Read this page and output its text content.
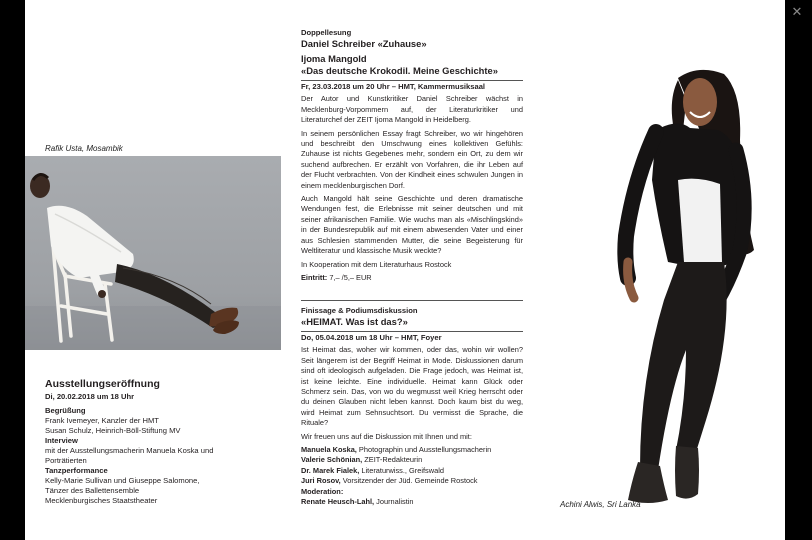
Rafik Usta, Mosambik
Ausstellungseröffnung
Di, 20.02.2018 um 18 Uhr
Begrüßung
Frank Ivemeyer, Kanzler der HMT
Susan Schulz, Heinrich-Böll-Stiftung MV
Interview
mit der Ausstellungsmacherin Manuela Koska und
Porträtierten
Tanzperformance
Kelly-Marie Sullivan und Giuseppe Salomone,
Tänzer des Ballettensemble
Mecklenburgisches Staatstheater
Doppellesung
Daniel Schreiber «Zuhause»
Ijoma Mangold
«Das deutsche Krokodil. Meine Geschichte»
Fr, 23.03.2018 um 20 Uhr – HMT, Kammermusiksaal

Der Autor und Kunstkritiker Daniel Schreiber wächst in Mecklenburg-Vorpommern auf, der Literaturkritiker und Literaturchef der ZEIT Ijoma Mangold in Heidelberg.

In seinem persönlichen Essay fragt Schreiber, wo wir hingehören und beschreibt den Umschwung eines kollektiven Gefühls: Zuhause ist nichts Gegebenes mehr, sondern ein Ort, zu dem wir suchend aufbrechen. Er erzählt von Vorfahren, die ihr Leben auf der Flucht verbrachten. Von der Kindheit eines schwulen Jungen in einem mecklenburgischen Dorf.

Auch Mangold hält seine Geschichte und deren dramatische Wendungen fest, die Erlebnisse mit seiner deutschen und mit seiner afrikanischen Familie. Wie wuchs man als «Mischlingskind» in der Bundesrepublik auf mit einem abwesenden Vater und einer aus Schlesien stammenden Mutter, die seine Begeisterung für Weltliteratur und klassische Musik weckte?

In Kooperation mit dem Literaturhaus Rostock

Eintritt: 7,– /5,– EUR

Finissage & Podiumsdiskussion
«HEIMAT. Was ist das?»
Do, 05.04.2018 um 18 Uhr – HMT, Foyer

Ist Heimat das, woher wir kommen, oder das, wohin wir wollen? Seit längerem ist der Begriff Heimat in Mode. Diskussionen darum sind oft ideologisch aufgeladen. Die Frage jedoch, was Heimat ist, ist keine leichte. Eine individuelle. Heimat kann Glück oder Schmerz sein. Das, von wo du wegmusst weil Krieg herrscht oder du deinen Glauben nicht leben kannst. Doch kaum bist du weg, wird Heimat zum Sehnsuchtsort. Du vermisst die Sprache, die Rituale?

Wir freuen uns auf die Diskussion mit Ihnen und mit:

Manuela Koska, Photographin und Ausstellungsmacherin
Valerie Schönian, ZEIT-Redakteurin
Dr. Marek Fialek, Literaturwiss., Greifswald
Juri Rosov, Vorsitzender der Jüd. Gemeinde Rostock
Moderation:
Renate Heusch-Lahl, Journalistin	Achini Alwis, Sri Lanka
✕
